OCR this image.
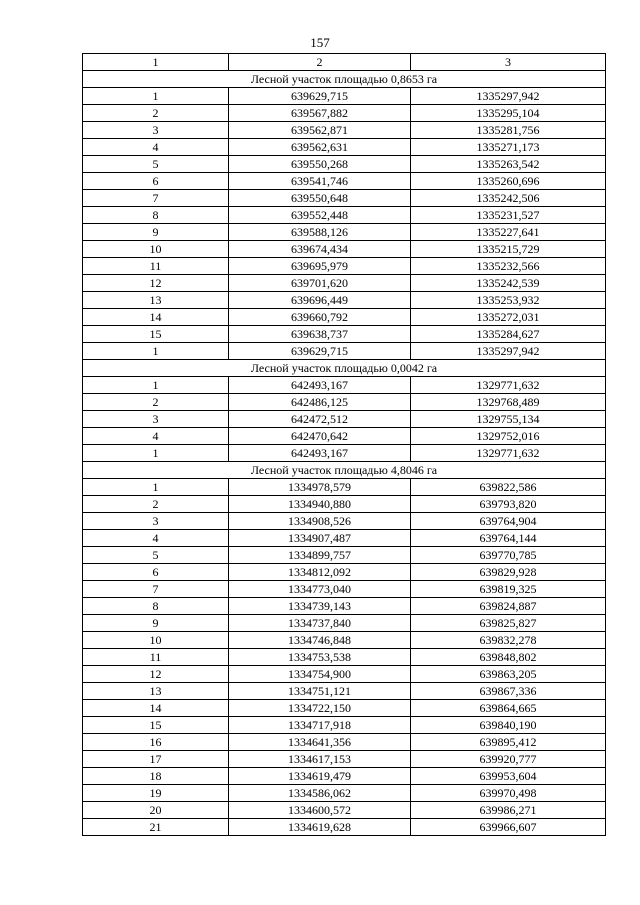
157
1	2	3
Лесной участок площадью 0,8653 га		
1	639629,715	1335297,942
2	639567,882	1335295,104
3	639562,871	1335281,756
4	639562,631	1335271,173
5	639550,268	1335263,542
6	639541,746	1335260,696
7	639550,648	1335242,506
8	639552,448	1335231,527
9	639588,126	1335227,641
10	639674,434	1335215,729
11	639695,979	1335232,566
12	639701,620	1335242,539
13	639696,449	1335253,932
14	639660,792	1335272,031
15	639638,737	1335284,627
1	639629,715	1335297,942
Лесной участок площадью 0,0042 га		
1	642493,167	1329771,632
2	642486,125	1329768,489
3	642472,512	1329755,134
4	642470,642	1329752,016
1	642493,167	1329771,632
Лесной участок площадью 4,8046 га		
1	1334978,579	639822,586
2	1334940,880	639793,820
3	1334908,526	639764,904
4	1334907,487	639764,144
5	1334899,757	639770,785
6	1334812,092	639829,928
7	1334773,040	639819,325
8	1334739,143	639824,887
9	1334737,840	639825,827
10	1334746,848	639832,278
11	1334753,538	639848,802
12	1334754,900	639863,205
13	1334751,121	639867,336
14	1334722,150	639864,665
15	1334717,918	639840,190
16	1334641,356	639895,412
17	1334617,153	639920,777
18	1334619,479	639953,604
19	1334586,062	639970,498
20	1334600,572	639986,271
21	1334619,628	639966,607
